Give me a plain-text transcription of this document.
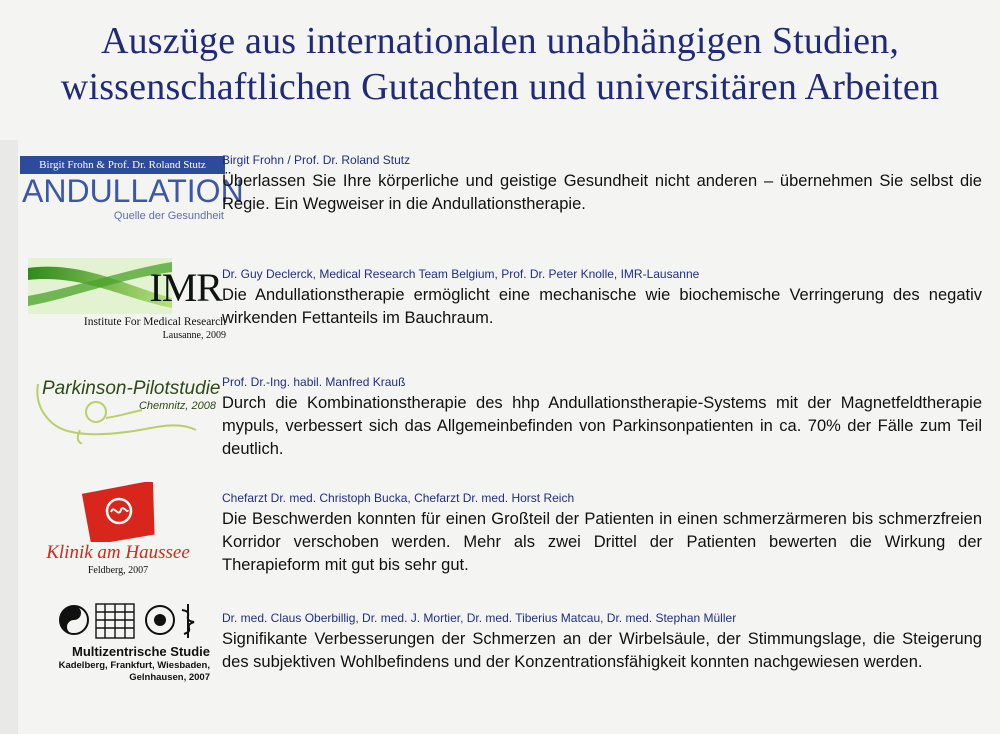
Auszüge aus internationalen unabhängigen Studien,
wissenschaftlichen Gutachten und universitären Arbeiten
Birgit Frohn & Prof. Dr. Roland Stutz
ANDULLATION
Quelle der Gesundheit
Birgit Frohn / Prof. Dr. Roland Stutz
Überlassen Sie Ihre körperliche und geistige Gesundheit nicht anderen – übernehmen Sie selbst die Regie. Ein Wegweiser in die Andullationstherapie.
IMR
Institute For Medical Research
Lausanne, 2009
Dr. Guy Declerck, Medical Research Team Belgium, Prof. Dr. Peter Knolle, IMR-Lausanne
Die Andullationstherapie ermöglicht eine mechanische wie biochemische Verringerung des negativ wirkenden Fettanteils im Bauchraum.
Parkinson-Pilotstudie
Chemnitz, 2008
Prof. Dr.-Ing. habil. Manfred Krauß
Durch die Kombinationstherapie des hhp Andullationstherapie-Systems mit der Magnetfeldtherapie mypuls, verbessert sich das Allgemeinbefinden von Parkinsonpatienten in ca. 70% der Fälle zum Teil deutlich.
Klinik am Haussee
Feldberg, 2007
Chefarzt Dr. med. Christoph Bucka, Chefarzt Dr. med. Horst Reich
Die Beschwerden konnten für einen Großteil der Patienten in einen schmerzärmeren bis schmerzfreien Korridor verschoben werden. Mehr als zwei Drittel der Patienten bewerten die Wirkung der Therapieform mit gut bis sehr gut.
Multizentrische Studie
Kadelberg, Frankfurt, Wiesbaden,
Gelnhausen, 2007
Dr. med. Claus Oberbillig, Dr. med. J. Mortier, Dr. med. Tiberius Matcau, Dr. med. Stephan Müller
Signifikante Verbesserungen der Schmerzen an der Wirbelsäule, der Stimmungslage, die Steigerung des subjektiven Wohlbefindens und der Konzentrationsfähigkeit konnten nachgewiesen werden.
